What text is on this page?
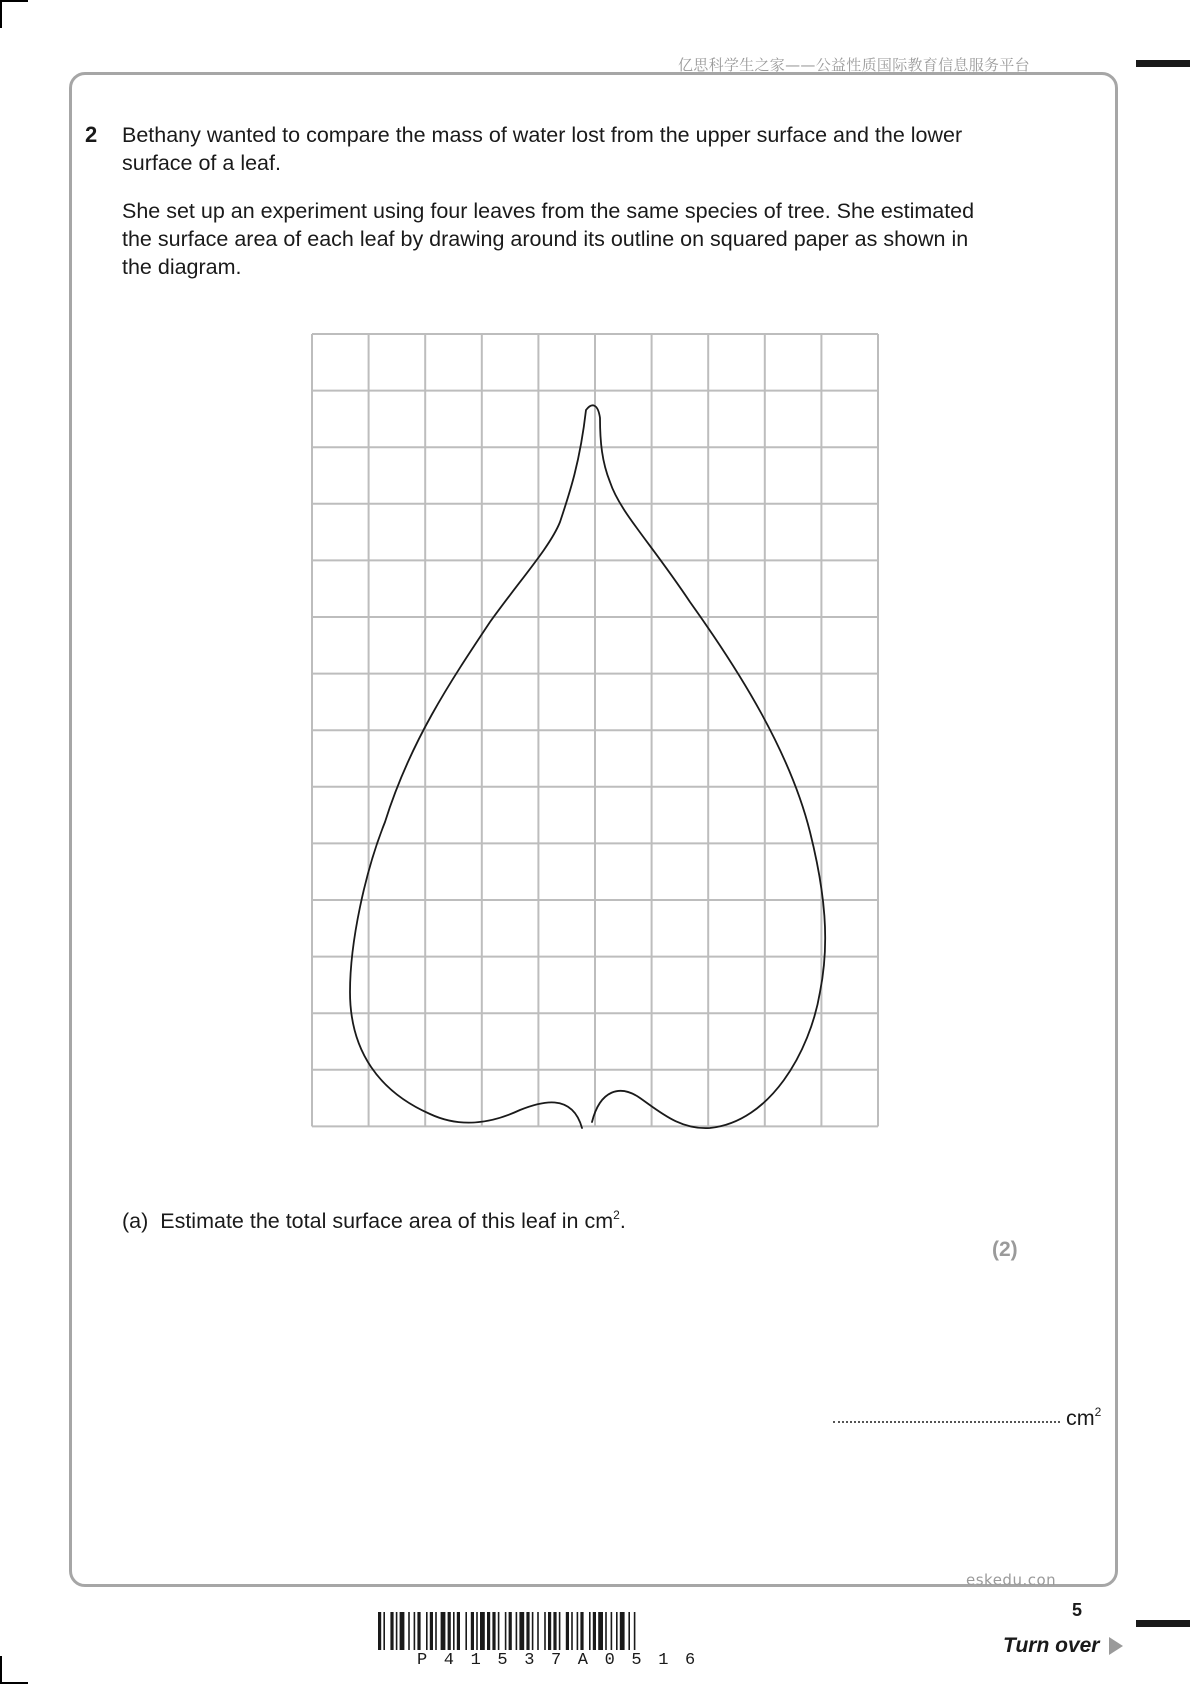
亿思科学生之家——公益性质国际教育信息服务平台
2 Bethany wanted to compare the mass of water lost from the upper surface and the lower surface of a leaf.

She set up an experiment using four leaves from the same species of tree. She estimated the surface area of each leaf by drawing around its outline on squared paper as shown in the diagram.

(a) Estimate the total surface area of this leaf in $cm^2$.
(2)
$cm^2$
eskedu.con
5
P41537A0516
Turn over
